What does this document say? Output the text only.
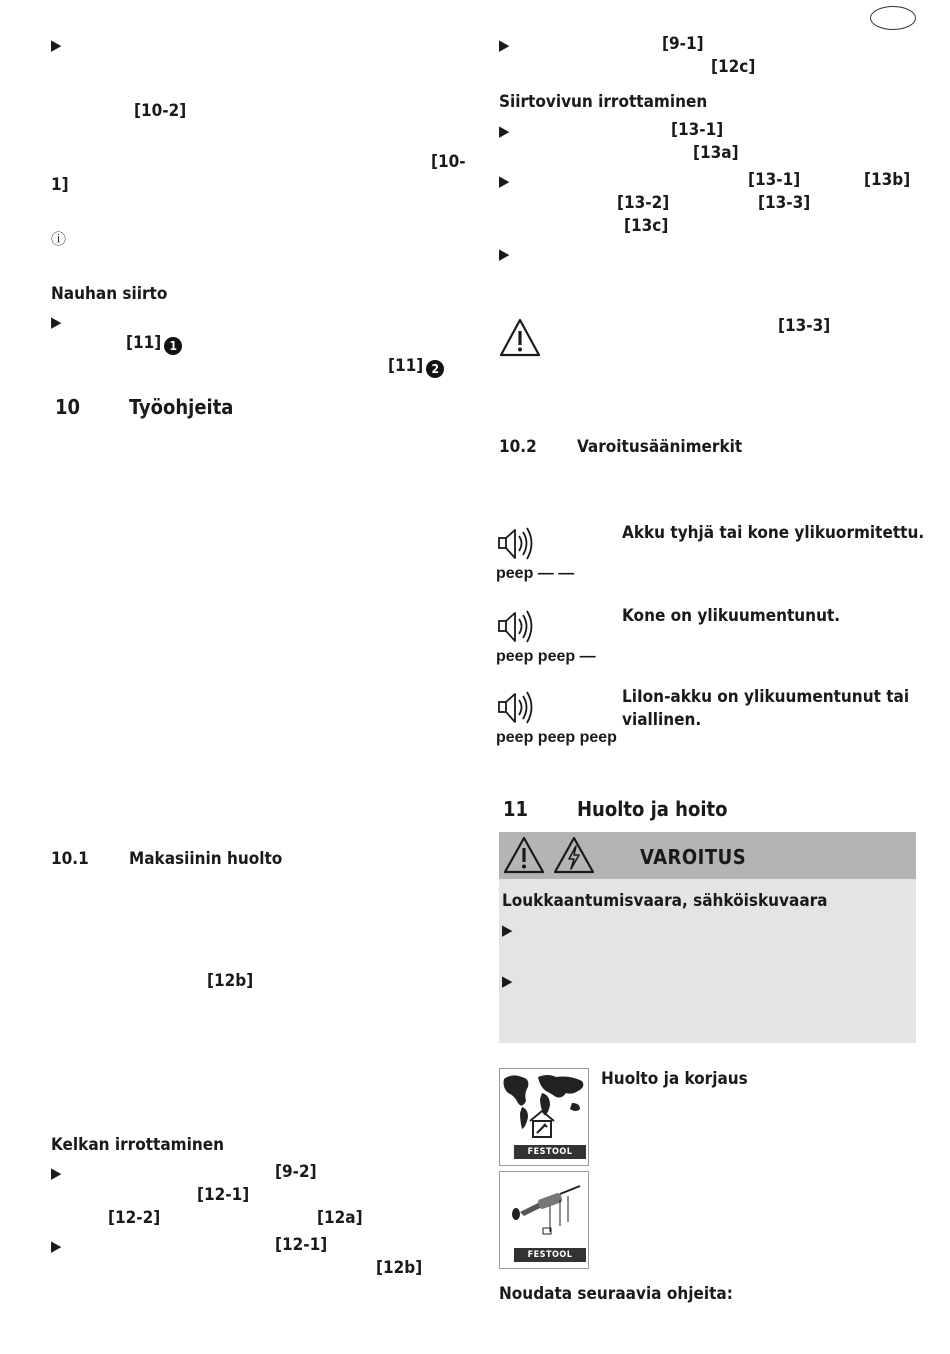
▶
[10-2]
[10-
1]
ⓘ
Nauhan siirto
▶
[11] 1
[11] 2
10 Työohjeita
10.1 Makasiinin huolto
[12b]
Kelkan irrottaminen
▶	[9-2]
[12-1]
[12-2]	[12a]
▶	[12-1]
[12b]
▶	[9-1]
[12c]
Siirtovivun irrottaminen
▶	[13-1]
[13a]
▶	[13-1]	[13b]
[13-2]	[13-3]
[13c]
▶
[13-3]
10.2 Varoitusäänimerkit
peep — —
Akku tyhjä tai kone ylikuormitettu.
peep peep —
Kone on ylikuumentunut.
peep peep peep
LiIon-akku on ylikuumentunut tai
viallinen.
11 Huolto ja hoito
VAROITUS
Loukkaantumisvaara, sähköiskuvaara
▶
▶
FESTOOL
FESTOOL
Huolto ja korjaus
Noudata seuraavia ohjeita:
